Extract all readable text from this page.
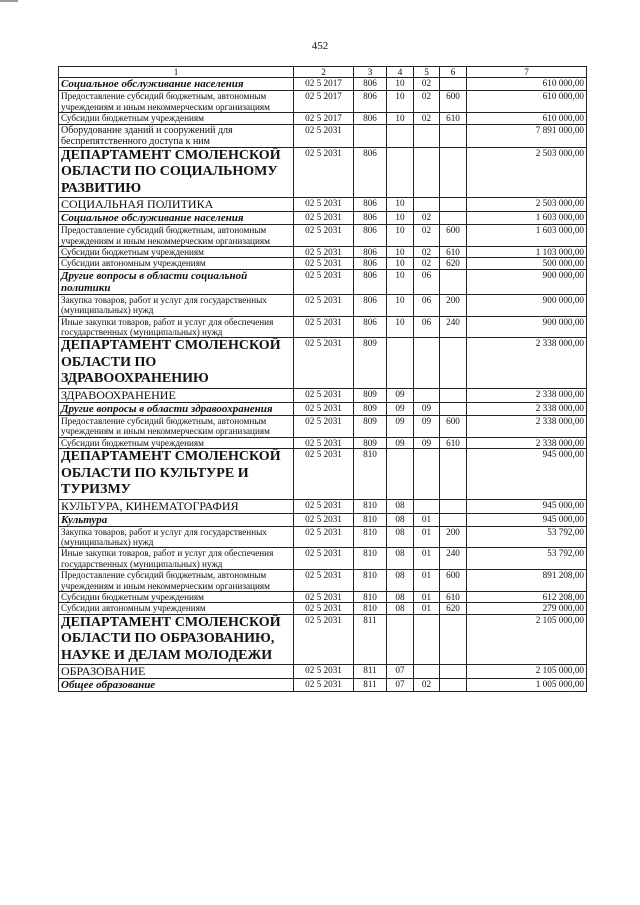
452
1	2	3	4	5	6	7
Социальное обслуживание населения	02 5 2017	806	10	02		610 000,00
Предоставление субсидий бюджетным, автономным учреждениям и иным некоммерческим организациям	02 5 2017	806	10	02	600	610 000,00
Субсидии бюджетным учреждениям	02 5 2017	806	10	02	610	610 000,00
Оборудование зданий и сооружений для беспрепятственного доступа к ним	02 5 2031					7 891 000,00
ДЕПАРТАМЕНТ СМОЛЕНСКОЙ ОБЛАСТИ ПО СОЦИАЛЬНОМУ РАЗВИТИЮ	02 5 2031	806				2 503 000,00
СОЦИАЛЬНАЯ ПОЛИТИКА	02 5 2031	806	10			2 503 000,00
Социальное обслуживание населения	02 5 2031	806	10	02		1 603 000,00
Предоставление субсидий бюджетным, автономным учреждениям и иным некоммерческим организациям	02 5 2031	806	10	02	600	1 603 000,00
Субсидии бюджетным учреждениям	02 5 2031	806	10	02	610	1 103 000,00
Субсидии автономным учреждениям	02 5 2031	806	10	02	620	500 000,00
Другие вопросы в области социальной политики	02 5 2031	806	10	06		900 000,00
Закупка товаров, работ и услуг для государственных (муниципальных) нужд	02 5 2031	806	10	06	200	900 000,00
Иные закупки товаров, работ и услуг для обеспечения государственных (муниципальных) нужд	02 5 2031	806	10	06	240	900 000,00
ДЕПАРТАМЕНТ СМОЛЕНСКОЙ ОБЛАСТИ ПО ЗДРАВООХРАНЕНИЮ	02 5 2031	809				2 338 000,00
ЗДРАВООХРАНЕНИЕ	02 5 2031	809	09			2 338 000,00
Другие вопросы в области здравоохранения	02 5 2031	809	09	09		2 338 000,00
Предоставление субсидий бюджетным, автономным учреждениям и иным некоммерческим организациям	02 5 2031	809	09	09	600	2 338 000,00
Субсидии бюджетным учреждениям	02 5 2031	809	09	09	610	2 338 000,00
ДЕПАРТАМЕНТ СМОЛЕНСКОЙ ОБЛАСТИ ПО КУЛЬТУРЕ И ТУРИЗМУ	02 5 2031	810				945 000,00
КУЛЬТУРА, КИНЕМАТОГРАФИЯ	02 5 2031	810	08			945 000,00
Культура	02 5 2031	810	08	01		945 000,00
Закупка товаров, работ и услуг для государственных (муниципальных) нужд	02 5 2031	810	08	01	200	53 792,00
Иные закупки товаров, работ и услуг для обеспечения государственных (муниципальных) нужд	02 5 2031	810	08	01	240	53 792,00
Предоставление субсидий бюджетным, автономным учреждениям и иным некоммерческим организациям	02 5 2031	810	08	01	600	891 208,00
Субсидии бюджетным учреждениям	02 5 2031	810	08	01	610	612 208,00
Субсидии автономным учреждениям	02 5 2031	810	08	01	620	279 000,00
ДЕПАРТАМЕНТ СМОЛЕНСКОЙ ОБЛАСТИ ПО ОБРАЗОВАНИЮ, НАУКЕ И ДЕЛАМ МОЛОДЕЖИ	02 5 2031	811				2 105 000,00
ОБРАЗОВАНИЕ	02 5 2031	811	07			2 105 000,00
Общее образование	02 5 2031	811	07	02		1 005 000,00
